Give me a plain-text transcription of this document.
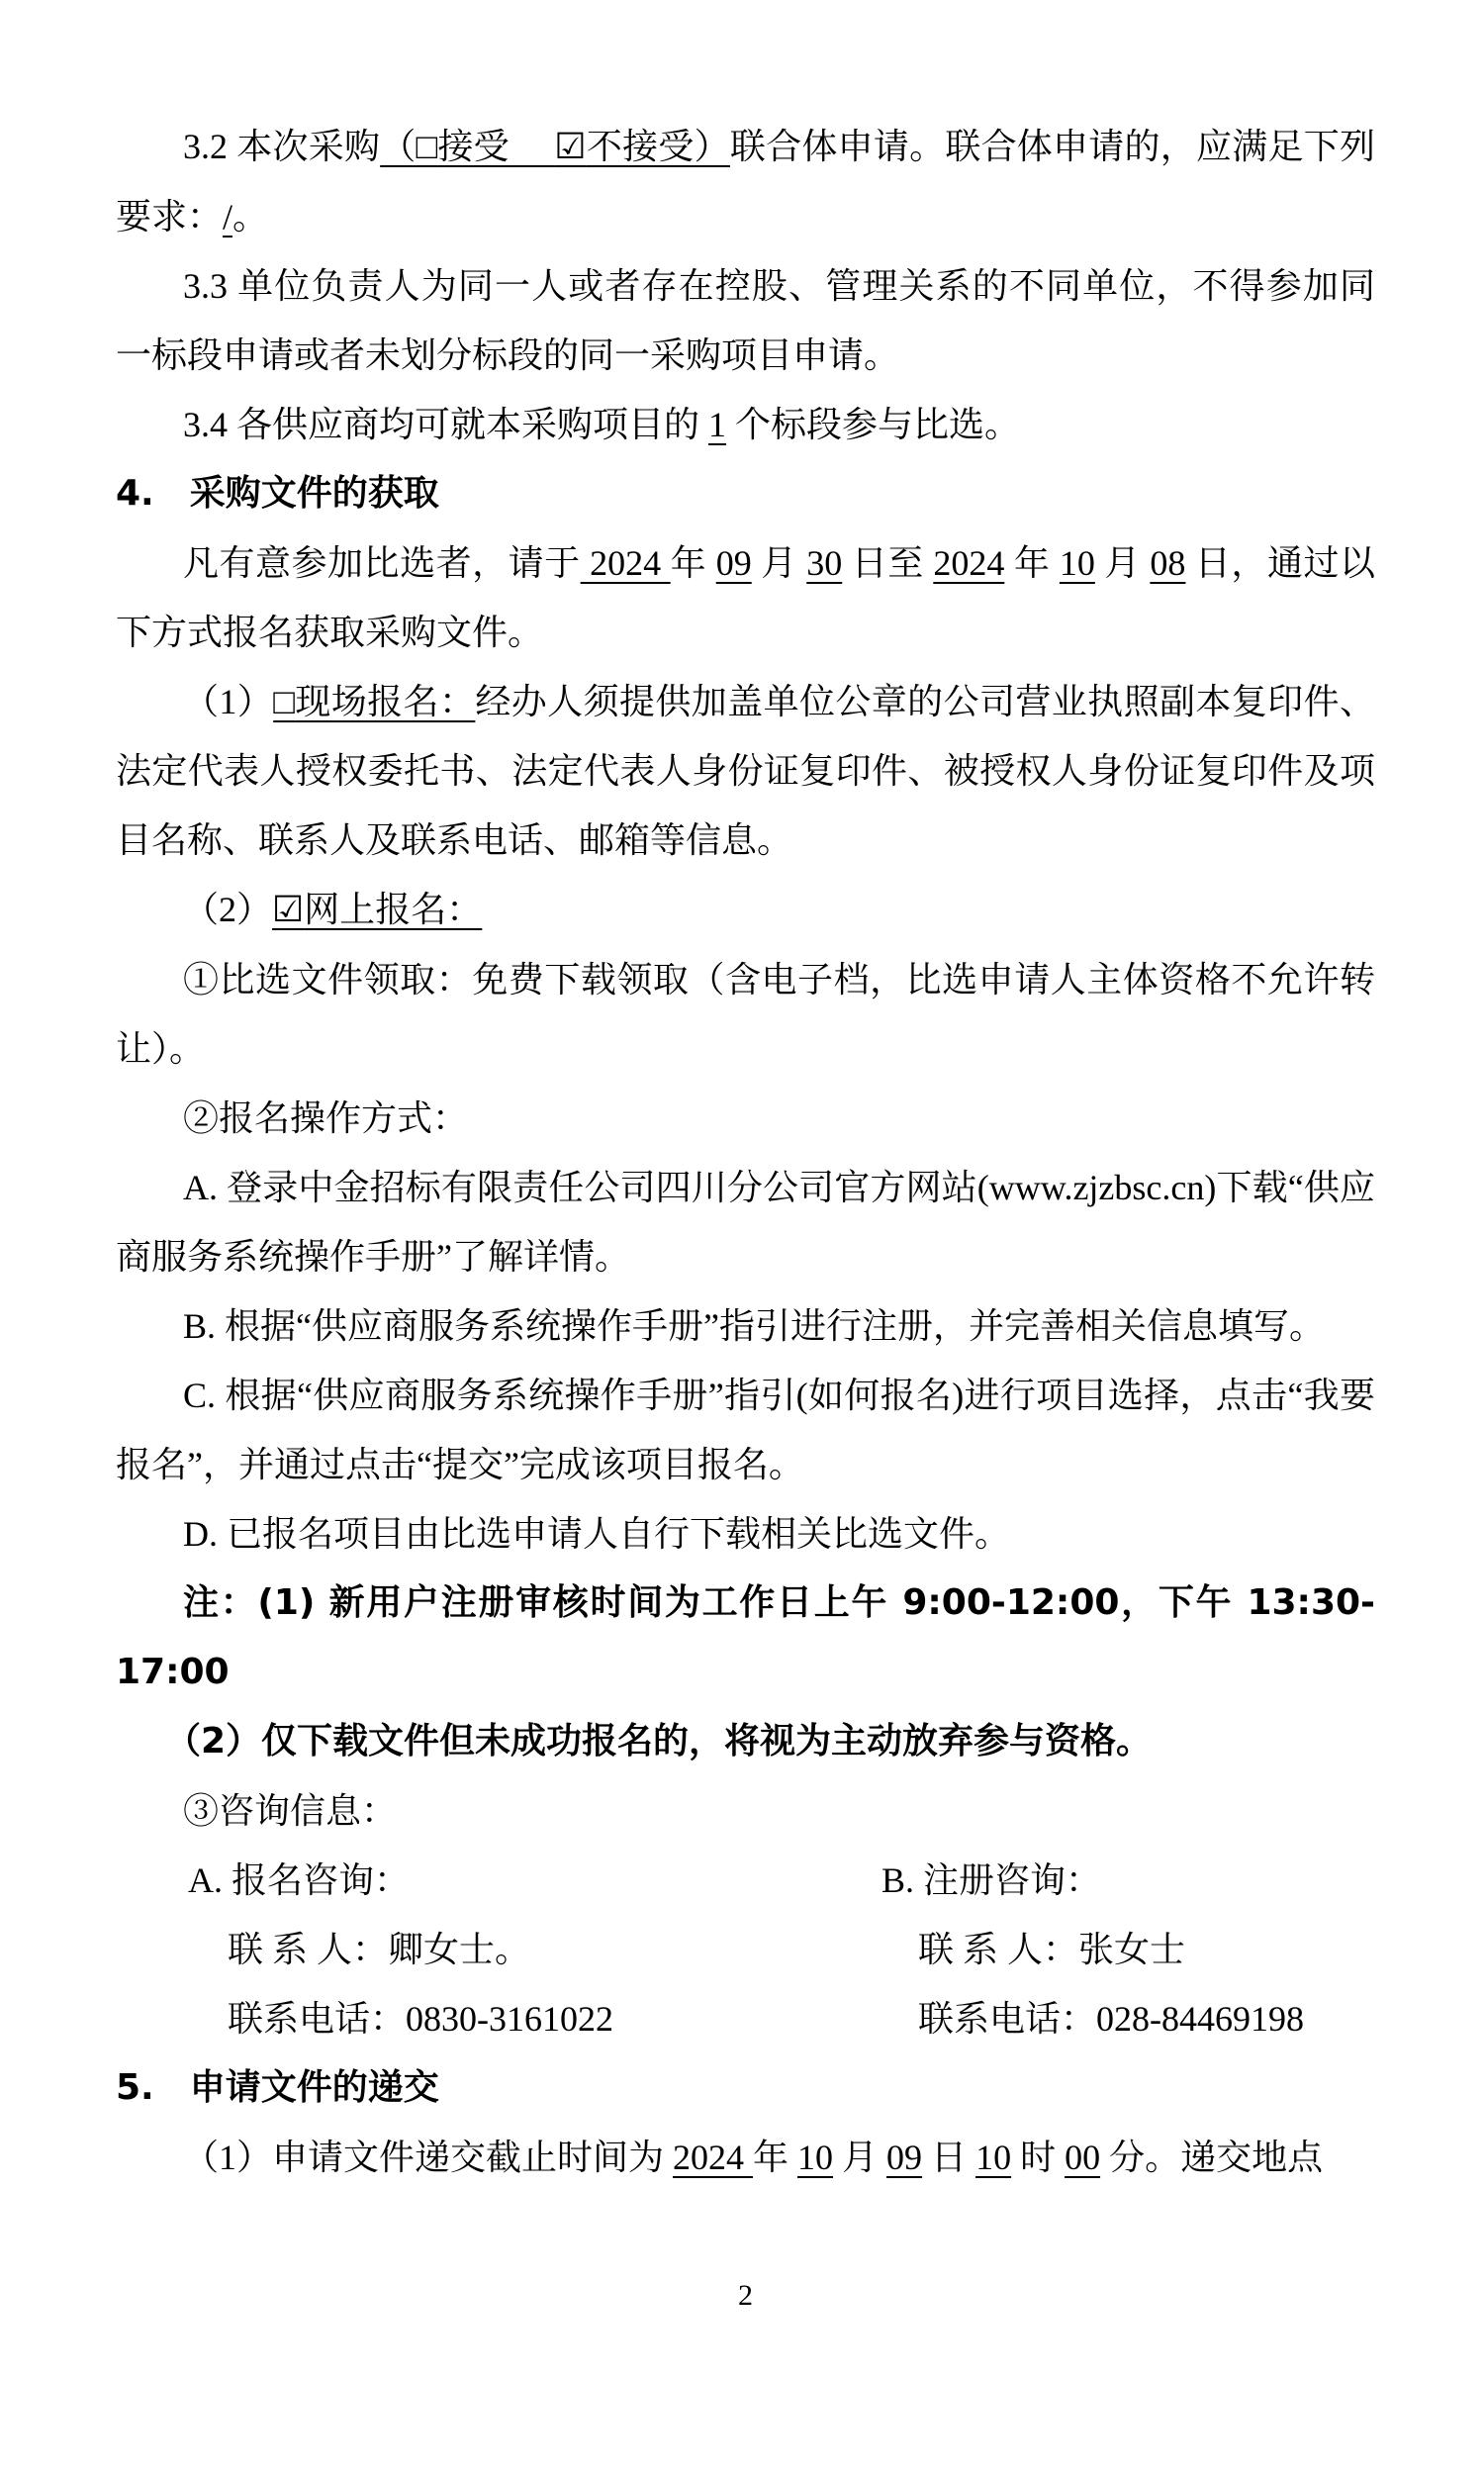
3.2 本次采购（□接受　 ☑不接受）联合体申请。联合体申请的，应满足下列要求：/。

3.3 单位负责人为同一人或者存在控股、管理关系的不同单位，不得参加同一标段申请或者未划分标段的同一采购项目申请。

3.4 各供应商均可就本采购项目的 1 个标段参与比选。

4.　采购文件的获取

凡有意参加比选者，请于 2024 年 09 月 30 日至 2024 年 10 月 08 日，通过以下方式报名获取采购文件。

（1）□现场报名：经办人须提供加盖单位公章的公司营业执照副本复印件、法定代表人授权委托书、法定代表人身份证复印件、被授权人身份证复印件及项目名称、联系人及联系电话、邮箱等信息。

（2）☑网上报名：

①比选文件领取：免费下载领取（含电子档，比选申请人主体资格不允许转让）。

②报名操作方式：

A. 登录中金招标有限责任公司四川分公司官方网站(www.zjzbsc.cn)下载“供应商服务系统操作手册”了解详情。

B. 根据“供应商服务系统操作手册”指引进行注册，并完善相关信息填写。

C. 根据“供应商服务系统操作手册”指引(如何报名)进行项目选择，点击“我要报名”，并通过点击“提交”完成该项目报名。

D. 已报名项目由比选申请人自行下载相关比选文件。

注：(1) 新用户注册审核时间为工作日上午 9:00-12:00，下午 13:30-17:00

（2）仅下载文件但未成功报名的，将视为主动放弃参与资格。

③咨询信息：

A. 报名咨询：	B. 注册咨询：
联 系 人：卿女士。	联 系 人：张女士
联系电话：0830-3161022	联系电话：028-84469198
5.　申请文件的递交

（1）申请文件递交截止时间为 2024 年 10 月 09 日 10 时 00 分。递交地点

2
